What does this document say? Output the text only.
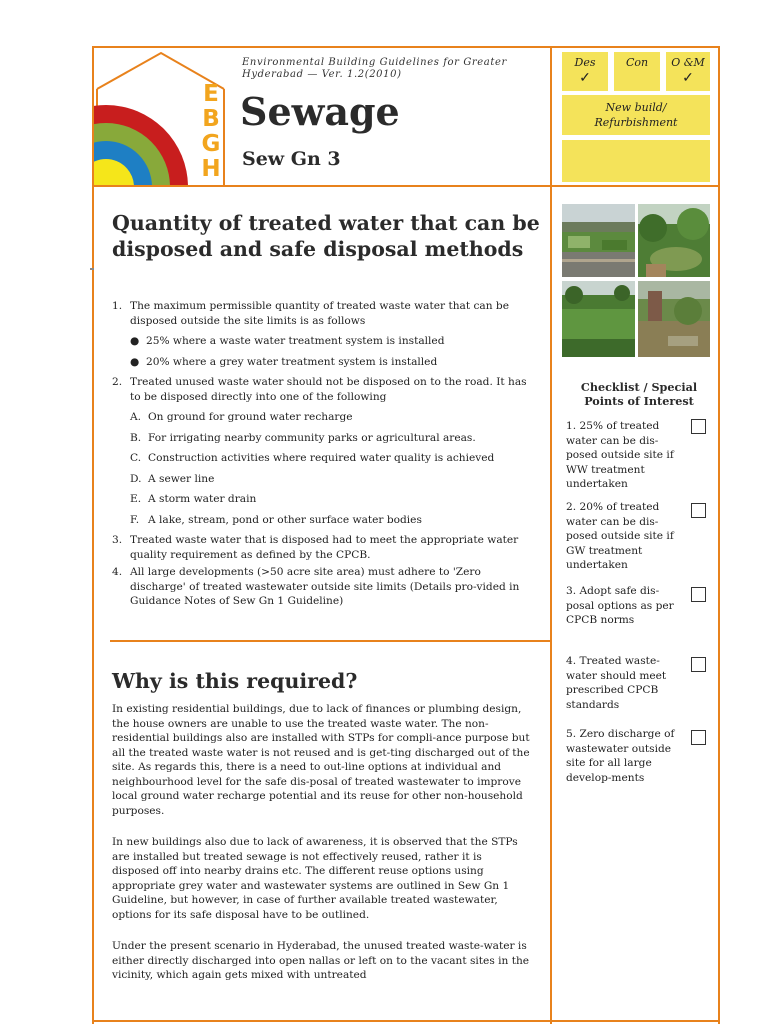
E
B
G
H
Environmental Building Guidelines for Greater Hyderabad — Ver. 1.2(2010)
Sewage
Sew Gn 3
Des
✓
Con	O &M
✓
New build/ Refurbishment
Checklist / Special Points of Interest
1. 25% of treated water can be dis-posed outside site if WW treatment undertaken
2. 20% of treated water can be dis-posed outside site if GW treatment undertaken
3. Adopt safe dis-posal options as per CPCB norms
4. Treated waste-water should meet prescribed CPCB standards
5. Zero discharge of wastewater outside site for all large develop-ments
Quantity of treated water that can be disposed and safe disposal methods
1. The maximum permissible quantity of treated waste water that can be disposed outside the site limits is as follows
● 25% where a waste water treatment system is installed
● 20% where a grey water treatment system is installed
2. Treated unused waste water should not be disposed on to the road. It has to be disposed directly into one of the following
A. On ground for ground water recharge
B. For irrigating nearby community parks or agricultural areas.
C. Construction activities where required water quality is achieved
D. A sewer line
E. A storm water drain
F. A lake, stream, pond or other surface water bodies
3. Treated waste water that is disposed had to meet the appropriate water quality requirement as defined by the CPCB.
4. All large developments (>50 acre site area) must adhere to 'Zero discharge' of treated wastewater outside site limits (Details pro-vided in Guidance Notes of Sew Gn 1 Guideline)
Why is this required?

In existing residential buildings, due to lack of finances or plumbing design, the house owners are unable to use the treated waste water. The non-residential buildings also are installed with STPs for compli-ance purpose but all the treated waste water is not reused and is get-ting discharged out of the site. As regards this, there is a need to out-line options at individual and neighbourhood level for the safe dis-posal of treated wastewater to improve local ground water recharge potential and its reuse for other non-household purposes.

In new buildings also due to lack of awareness, it is observed that the STPs are installed but treated sewage is not effectively reused, rather it is disposed off into nearby drains etc. The different reuse options using appropriate grey water and wastewater systems are outlined in Sew Gn 1 Guideline, but however, in case of further available treated wastewater, options for its safe disposal have to be outlined.

Under the present scenario in Hyderabad, the unused treated waste-water is either directly discharged into open nallas or left on to the vacant sites in the vicinity, which again gets mixed with untreated
